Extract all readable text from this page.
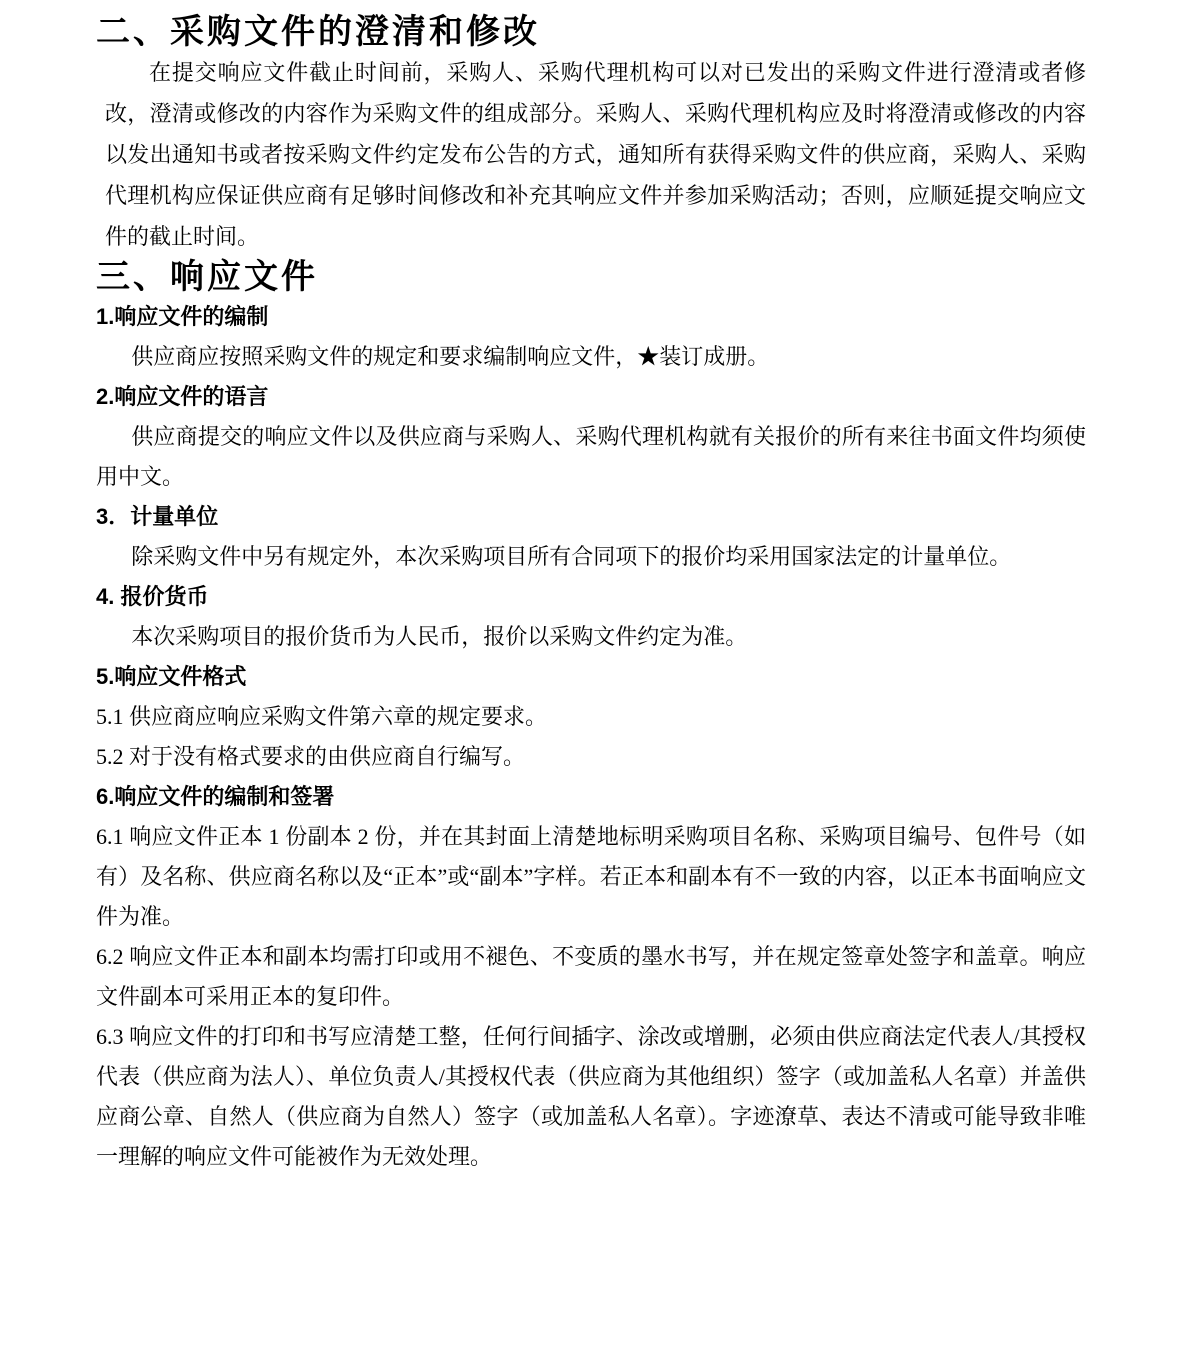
二、采购文件的澄清和修改

在提交响应文件截止时间前，采购人、采购代理机构可以对已发出的采购文件进行澄清或者修改，澄清或修改的内容作为采购文件的组成部分。采购人、采购代理机构应及时将澄清或修改的内容以发出通知书或者按采购文件约定发布公告的方式，通知所有获得采购文件的供应商，采购人、采购代理机构应保证供应商有足够时间修改和补充其响应文件并参加采购活动；否则，应顺延提交响应文件的截止时间。

三、响应文件

1.响应文件的编制

供应商应按照采购文件的规定和要求编制响应文件，★装订成册。

2.响应文件的语言

供应商提交的响应文件以及供应商与采购人、采购代理机构就有关报价的所有来往书面文件均须使用中文。

3．计量单位

除采购文件中另有规定外，本次采购项目所有合同项下的报价均采用国家法定的计量单位。

4. 报价货币

本次采购项目的报价货币为人民币，报价以采购文件约定为准。

5.响应文件格式

5.1 供应商应响应采购文件第六章的规定要求。

5.2 对于没有格式要求的由供应商自行编写。

6.响应文件的编制和签署

6.1 响应文件正本 1 份副本 2 份，并在其封面上清楚地标明采购项目名称、采购项目编号、包件号（如有）及名称、供应商名称以及“正本”或“副本”字样。若正本和副本有不一致的内容，以正本书面响应文件为准。

6.2 响应文件正本和副本均需打印或用不褪色、不变质的墨水书写，并在规定签章处签字和盖章。响应文件副本可采用正本的复印件。

6.3 响应文件的打印和书写应清楚工整，任何行间插字、涂改或增删，必须由供应商法定代表人/其授权代表（供应商为法人）、单位负责人/其授权代表（供应商为其他组织）签字（或加盖私人名章）并盖供应商公章、自然人（供应商为自然人）签字（或加盖私人名章）。字迹潦草、表达不清或可能导致非唯一理解的响应文件可能被作为无效处理。
